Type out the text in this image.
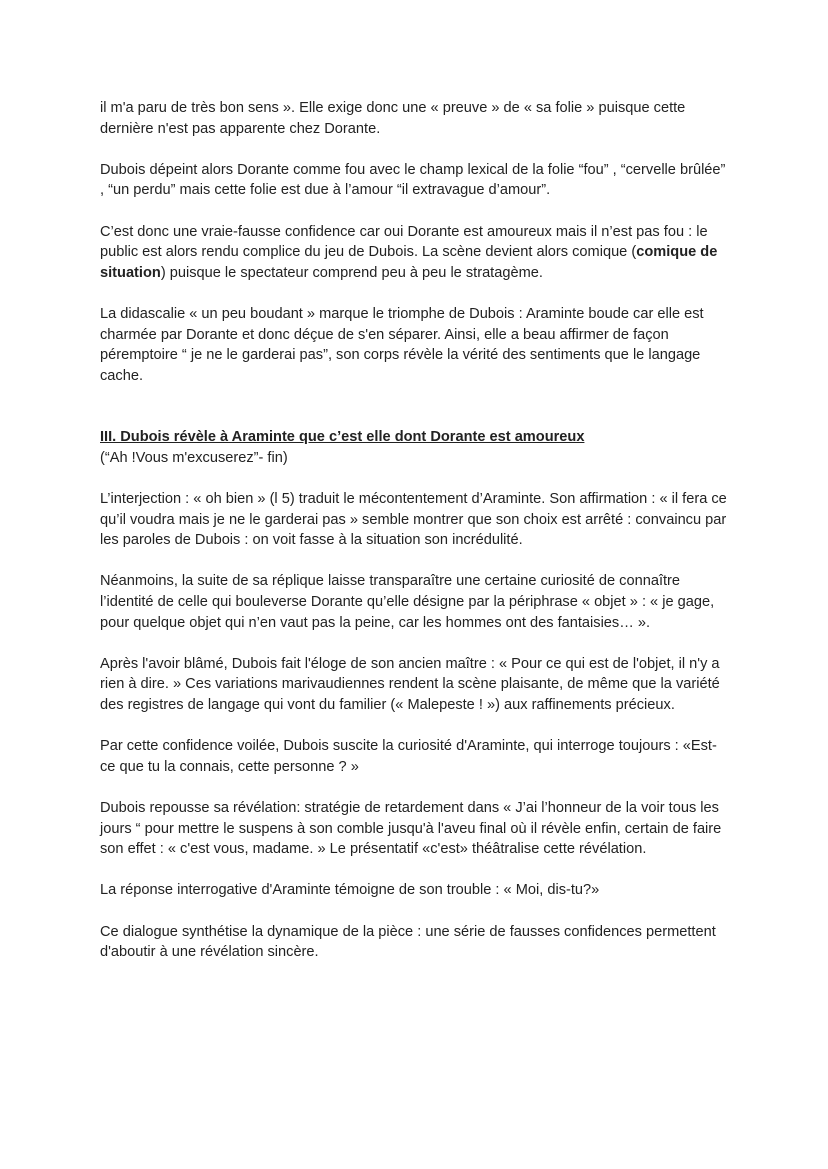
il m'a paru de très bon sens ». Elle exige donc une « preuve » de « sa folie » puisque cette dernière n'est pas apparente chez Dorante.

Dubois dépeint alors Dorante comme fou avec le champ lexical de la folie “fou” , “cervelle brûlée” , “un perdu” mais cette folie est due à l’amour “il extravague d’amour”.

C’est donc une vraie-fausse confidence car oui Dorante est amoureux mais il n’est pas fou : le public est alors rendu complice du jeu de Dubois. La scène devient alors comique (comique de situation) puisque le spectateur comprend peu à peu le stratagème.

La didascalie « un peu boudant » marque le triomphe de Dubois : Araminte boude car elle est charmée par Dorante et donc déçue de s'en séparer. Ainsi, elle a beau affirmer de façon péremptoire “ je ne le garderai pas”, son corps révèle la vérité des sentiments que le langage cache.

III. Dubois révèle à Araminte que c’est elle dont Dorante est amoureux

(“Ah !Vous m'excuserez”- fin)

L’interjection : « oh bien » (l 5) traduit le mécontentement d’Araminte. Son affirmation : « il fera ce qu’il voudra mais je ne le garderai pas » semble montrer que son choix est arrêté : convaincu par les paroles de Dubois : on voit fasse à la situation son incrédulité.

Néanmoins, la suite de sa réplique laisse transparaître une certaine curiosité de connaître l’identité de celle qui bouleverse Dorante qu’elle désigne par la périphrase « objet » : « je gage, pour quelque objet qui n’en vaut pas la peine, car les hommes ont des fantaisies… ».

Après l'avoir blâmé, Dubois fait l'éloge de son ancien maître : « Pour ce qui est de l'objet, il n'y a rien à dire. » Ces variations marivaudiennes rendent la scène plaisante, de même que la variété des registres de langage qui vont du familier (« Malepeste ! ») aux raffinements précieux.

Par cette confidence voilée, Dubois suscite la curiosité d'Araminte, qui interroge toujours : «Est-ce que tu la connais, cette personne ? »

Dubois repousse sa révélation: stratégie de retardement dans « J’ai l’honneur de la voir tous les jours “ pour mettre le suspens à son comble jusqu'à l'aveu final où il révèle enfin, certain de faire son effet : « c'est vous, madame. » Le présentatif «c'est» théâtralise cette révélation.

La réponse interrogative d'Araminte témoigne de son trouble : « Moi, dis-tu?»

Ce dialogue synthétise la dynamique de la pièce : une série de fausses confidences permettent d'aboutir à une révélation sincère.
